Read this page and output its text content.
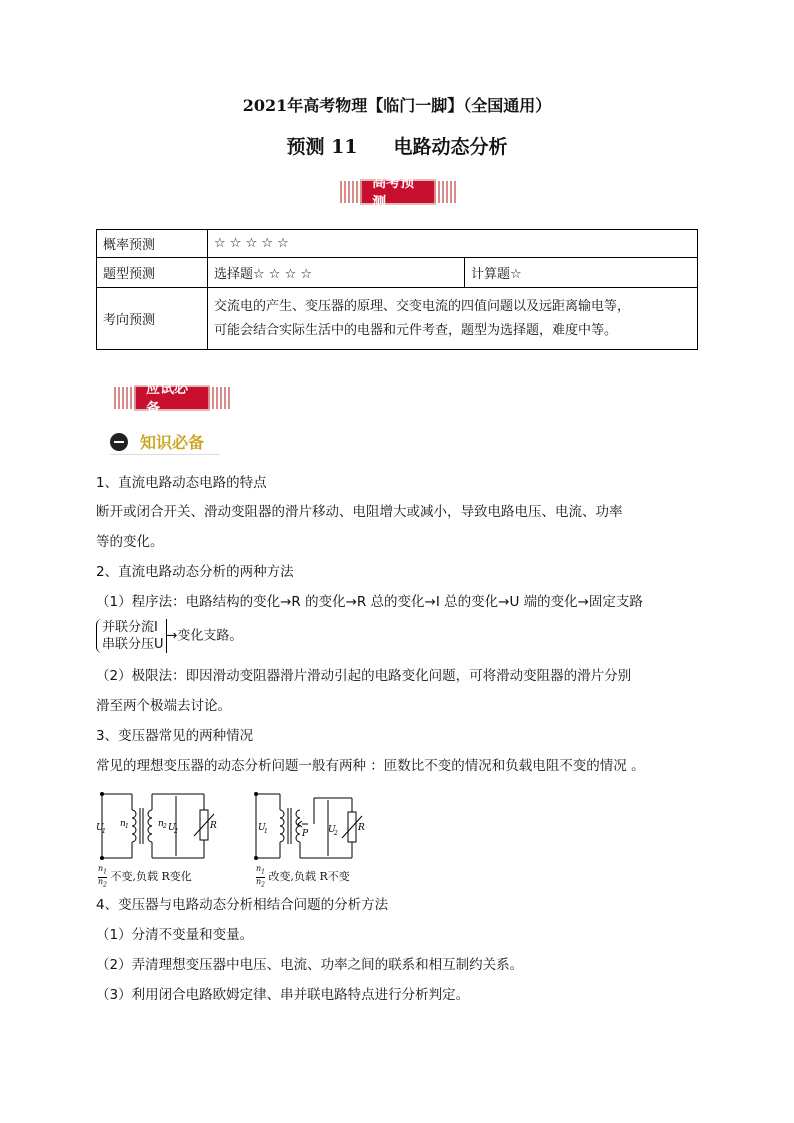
2021年高考物理【临门一脚】（全国通用）
预测 11 电路动态分析
高考预测
概率预测	☆ ☆ ☆ ☆ ☆	
题型预测	选择题☆ ☆ ☆ ☆	计算题☆
考向预测	交流电的产生、变压器的原理、交变电流的四值问题以及远距离输电等，
可能会结合实际生活中的电器和元件考查，题型为选择题，难度中等。	
应试必备
知识必备
1、直流电路动态电路的特点
断开或闭合开关、滑动变阻器的滑片移动、电阻增大或减小，导致电路电压、电流、功率
等的变化。
2、直流电路动态分析的两种方法
（1）程序法：电路结构的变化→R 的变化→R 总的变化→I 总的变化→U 端的变化→固定支路
并联分流I
串联分压U
→变化支路。
（2）极限法：即因滑动变阻器滑片滑动引起的电路变化问题，可将滑动变阻器的滑片分别
滑至两个极端去讨论。
3、变压器常见的两种情况
常见的理想变压器的动态分析问题一般有两种 ：匝数比不变的情况和负载电阻不变的情况 。
U
1
n 1	n 2 U
2
R	U
1	P U
2
R
$\frac{n_1}{n_2}$ 不变,负载 R变化	$\frac{n_1}{n_2}$ 改变,负载 R不变
4、变压器与电路动态分析相结合问题的分析方法
（1）分清不变量和变量。
（2）弄清理想变压器中电压、电流、功率之间的联系和相互制约关系。
（3）利用闭合电路欧姆定律、串并联电路特点进行分析判定。
